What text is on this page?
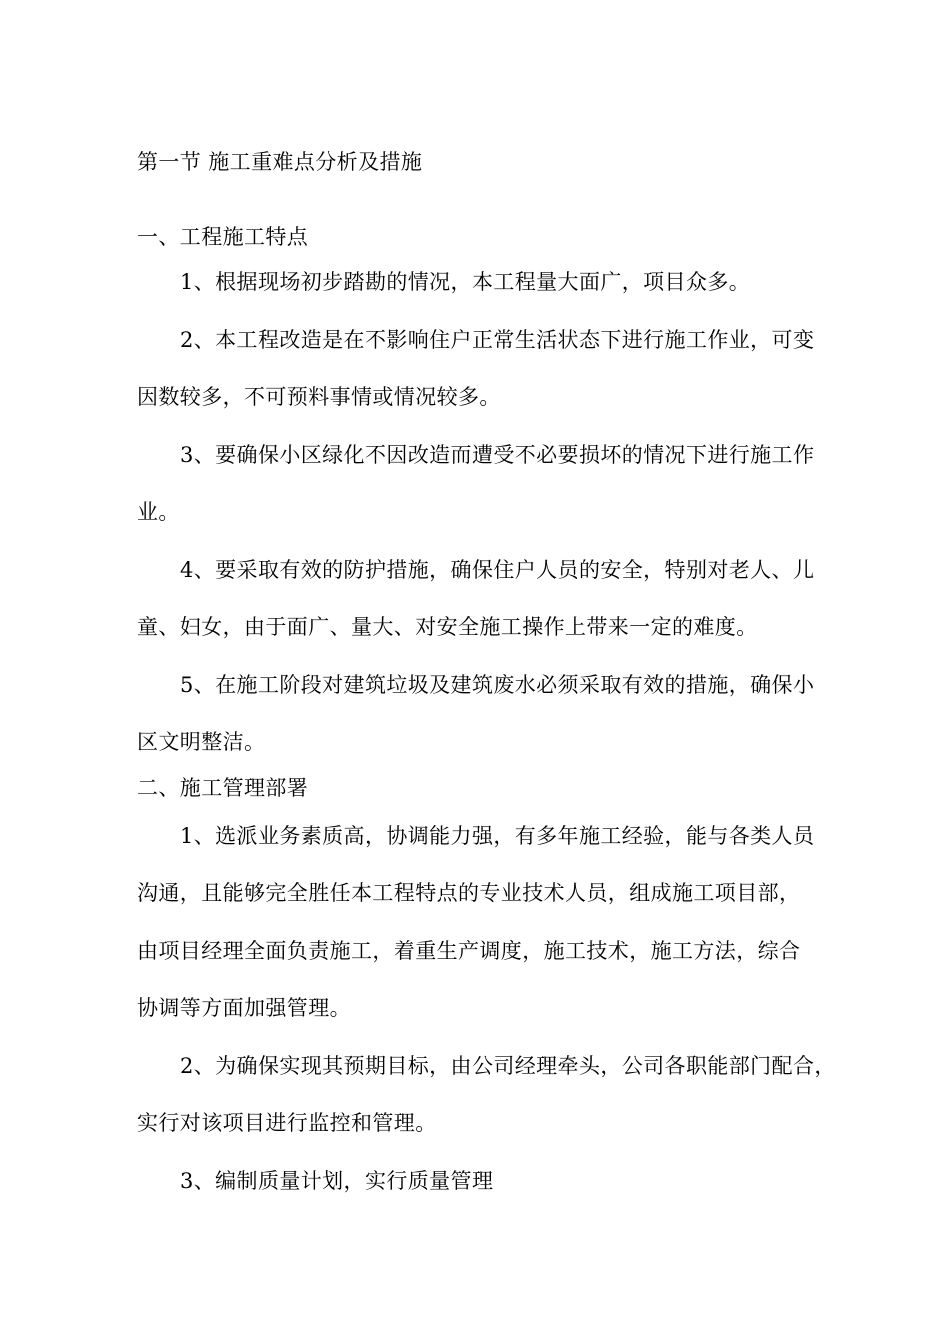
第一节 施工重难点分析及措施
一、工程施工特点
1、根据现场初步踏勘的情况，本工程量大面广，项目众多。
2、本工程改造是在不影响住户正常生活状态下进行施工作业，可变
因数较多，不可预料事情或情况较多。
3、要确保小区绿化不因改造而遭受不必要损坏的情况下进行施工作
业。
4、要采取有效的防护措施，确保住户人员的安全，特别对老人、儿
童、妇女，由于面广、量大、对安全施工操作上带来一定的难度。
5、在施工阶段对建筑垃圾及建筑废水必须采取有效的措施，确保小
区文明整洁。
二、施工管理部署
1、选派业务素质高，协调能力强，有多年施工经验，能与各类人员
沟通，且能够完全胜任本工程特点的专业技术人员，组成施工项目部，
由项目经理全面负责施工，着重生产调度，施工技术，施工方法，综合
协调等方面加强管理。
2、为确保实现其预期目标，由公司经理牵头，公司各职能部门配合，
实行对该项目进行监控和管理。
3、编制质量计划，实行质量管理
